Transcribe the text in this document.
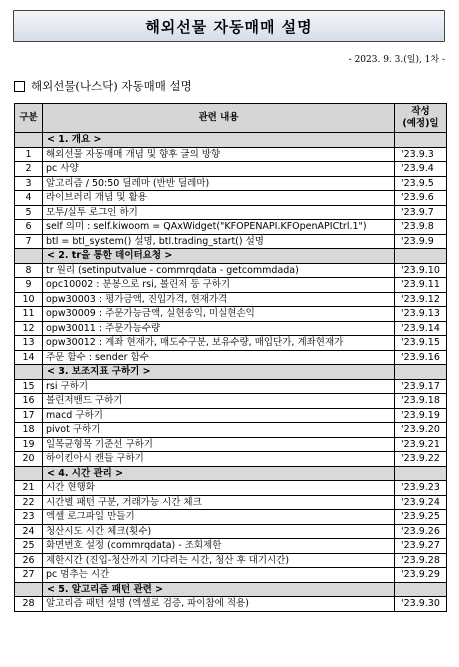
해외선물 자동매매 설명
- 2023. 9. 3.(일), 1차 -
해외선물(나스닥) 자동매매 설명
구분	관련 내용	작성
(예정)일
	< 1. 개요 >	
1	해외선물 자동매매 개념 및 향후 글의 방향	'23.9.3
2	pc 사양	'23.9.4
3	알고리즘 / 50:50 딜레마 (반반 딜레마)	'23.9.5
4	라이브러리 개념 및 활용	'23.9.6
5	모투/실투 로그인 하기	'23.9.7
6	self 의미 : self.kiwoom = QAxWidget("KFOPENAPI.KFOpenAPICtrl.1")	'23.9.8
7	btl = btl_system() 설명, btl.trading_start() 설명	'23.9.9
	< 2. tr을 통한 데이터요청 >	
8	tr 원리 (setinputvalue - commrqdata - getcommdada)	'23.9.10
9	opc10002 : 분봉으로 rsi, 볼린저 등 구하기	'23.9.11
10	opw30003 : 평가금액, 진입가격, 현재가격	'23.9.12
11	opw30009 : 주문가능금액, 실현송익, 미실현손익	'23.9.13
12	opw30011 : 주문가능수량	'23.9.14
13	opw30012 : 계좌 현재가, 매도수구분, 보유수량, 매입단가, 계좌현재가	'23.9.15
14	주문 함수 : sender 함수	'23.9.16
	< 3. 보조지표 구하기 >	
15	rsi 구하기	'23.9.17
16	볼린저밴드 구하기	'23.9.18
17	macd 구하기	'23.9.19
18	pivot 구하기	'23.9.20
19	일목균형목 기준선 구하기	'23.9.21
20	하이킨아시 캔들 구하기	'23.9.22
	< 4. 시간 관리 >	
21	시간 현행화	'23.9.23
22	시간별 패턴 구분, 거래가능 시간 체크	'23.9.24
23	엑셀 로그파일 만들기	'23.9.25
24	청산시도 시간 체크(횟수)	'23.9.26
25	화면번호 설정 (commrqdata) - 조회제한	'23.9.27
26	제한시간 (진입-청산까지 기다리는 시간, 청산 후 대기시간)	'23.9.28
27	pc 멈추는 시간	'23.9.29
	< 5. 알고리즘 패턴 관련 >	
28	알고리즘 패턴 설명 (엑셀로 검증, 파이참에 적용)	'23.9.30
